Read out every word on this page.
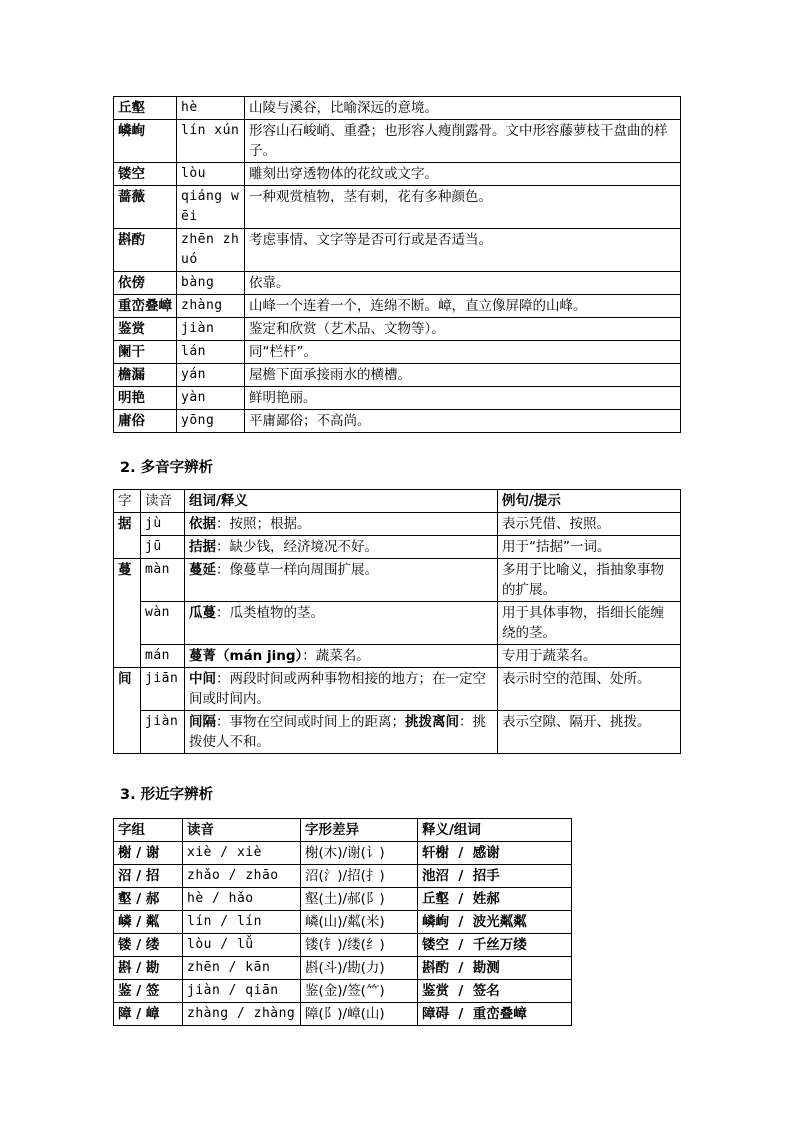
丘壑	hè	山陵与溪谷，比喻深远的意境。
嶙峋	lín xún	形容山石峻峭、重叠；也形容人瘦削露骨。文中形容藤萝枝干盘曲的样子。
镂空	lòu	雕刻出穿透物体的花纹或文字。
蔷薇	qiáng wēi	一种观赏植物，茎有刺，花有多种颜色。
斟酌	zhēn zhuó	考虑事情、文字等是否可行或是否适当。
依傍	bàng	依靠。
重峦叠嶂	zhàng	山峰一个连着一个，连绵不断。嶂，直立像屏障的山峰。
鉴赏	jiàn	鉴定和欣赏（艺术品、文物等）。
阑干	lán	同“栏杆”。
檐漏	yán	屋檐下面承接雨水的横槽。
明艳	yàn	鲜明艳丽。
庸俗	yōng	平庸鄙俗；不高尚。

2. 多音字辨析

字	读音	组词/释义	例句/提示
据	jù	依据：按照；根据。	表示凭借、按照。
	jū	拮据：缺少钱，经济境况不好。	用于“拮据”一词。
蔓	màn	蔓延：像蔓草一样向周围扩展。	多用于比喻义，指抽象事物的扩展。
	wàn	瓜蔓：瓜类植物的茎。	用于具体事物，指细长能缠绕的茎。
	mán	蔓菁（mán jing）：蔬菜名。	专用于蔬菜名。
间	jiān	中间：两段时间或两种事物相接的地方；在一定空间或时间内。	表示时空的范围、处所。
	jiàn	间隔：事物在空间或时间上的距离；挑拨离间：挑拨使人不和。	表示空隙、隔开、挑拨。

3. 形近字辨析

字组	读音	字形差异	释义/组词
榭 / 谢	xiè / xiè	榭(木)/谢(讠)	轩榭  /  感谢
沼 / 招	zhǎo / zhāo	沼(氵)/招(扌)	池沼  /  招手
壑 / 郝	hè / hǎo	壑(土)/郝(阝)	丘壑  /  姓郝
嶙 / 粼	lín / lín	嶙(山)/粼(米)	嶙峋  /  波光粼粼
镂 / 缕	lòu / lǚ	镂(钅)/缕(纟)	镂空  /  千丝万缕
斟 / 勘	zhēn / kān	斟(斗)/勘(力)	斟酌  /  勘测
鉴 / 签	jiàn / qiān	鉴(金)/签(⺮)	鉴赏  /  签名
障 / 嶂	zhàng / zhàng	障(阝)/嶂(山)	障碍  /  重峦叠嶂
